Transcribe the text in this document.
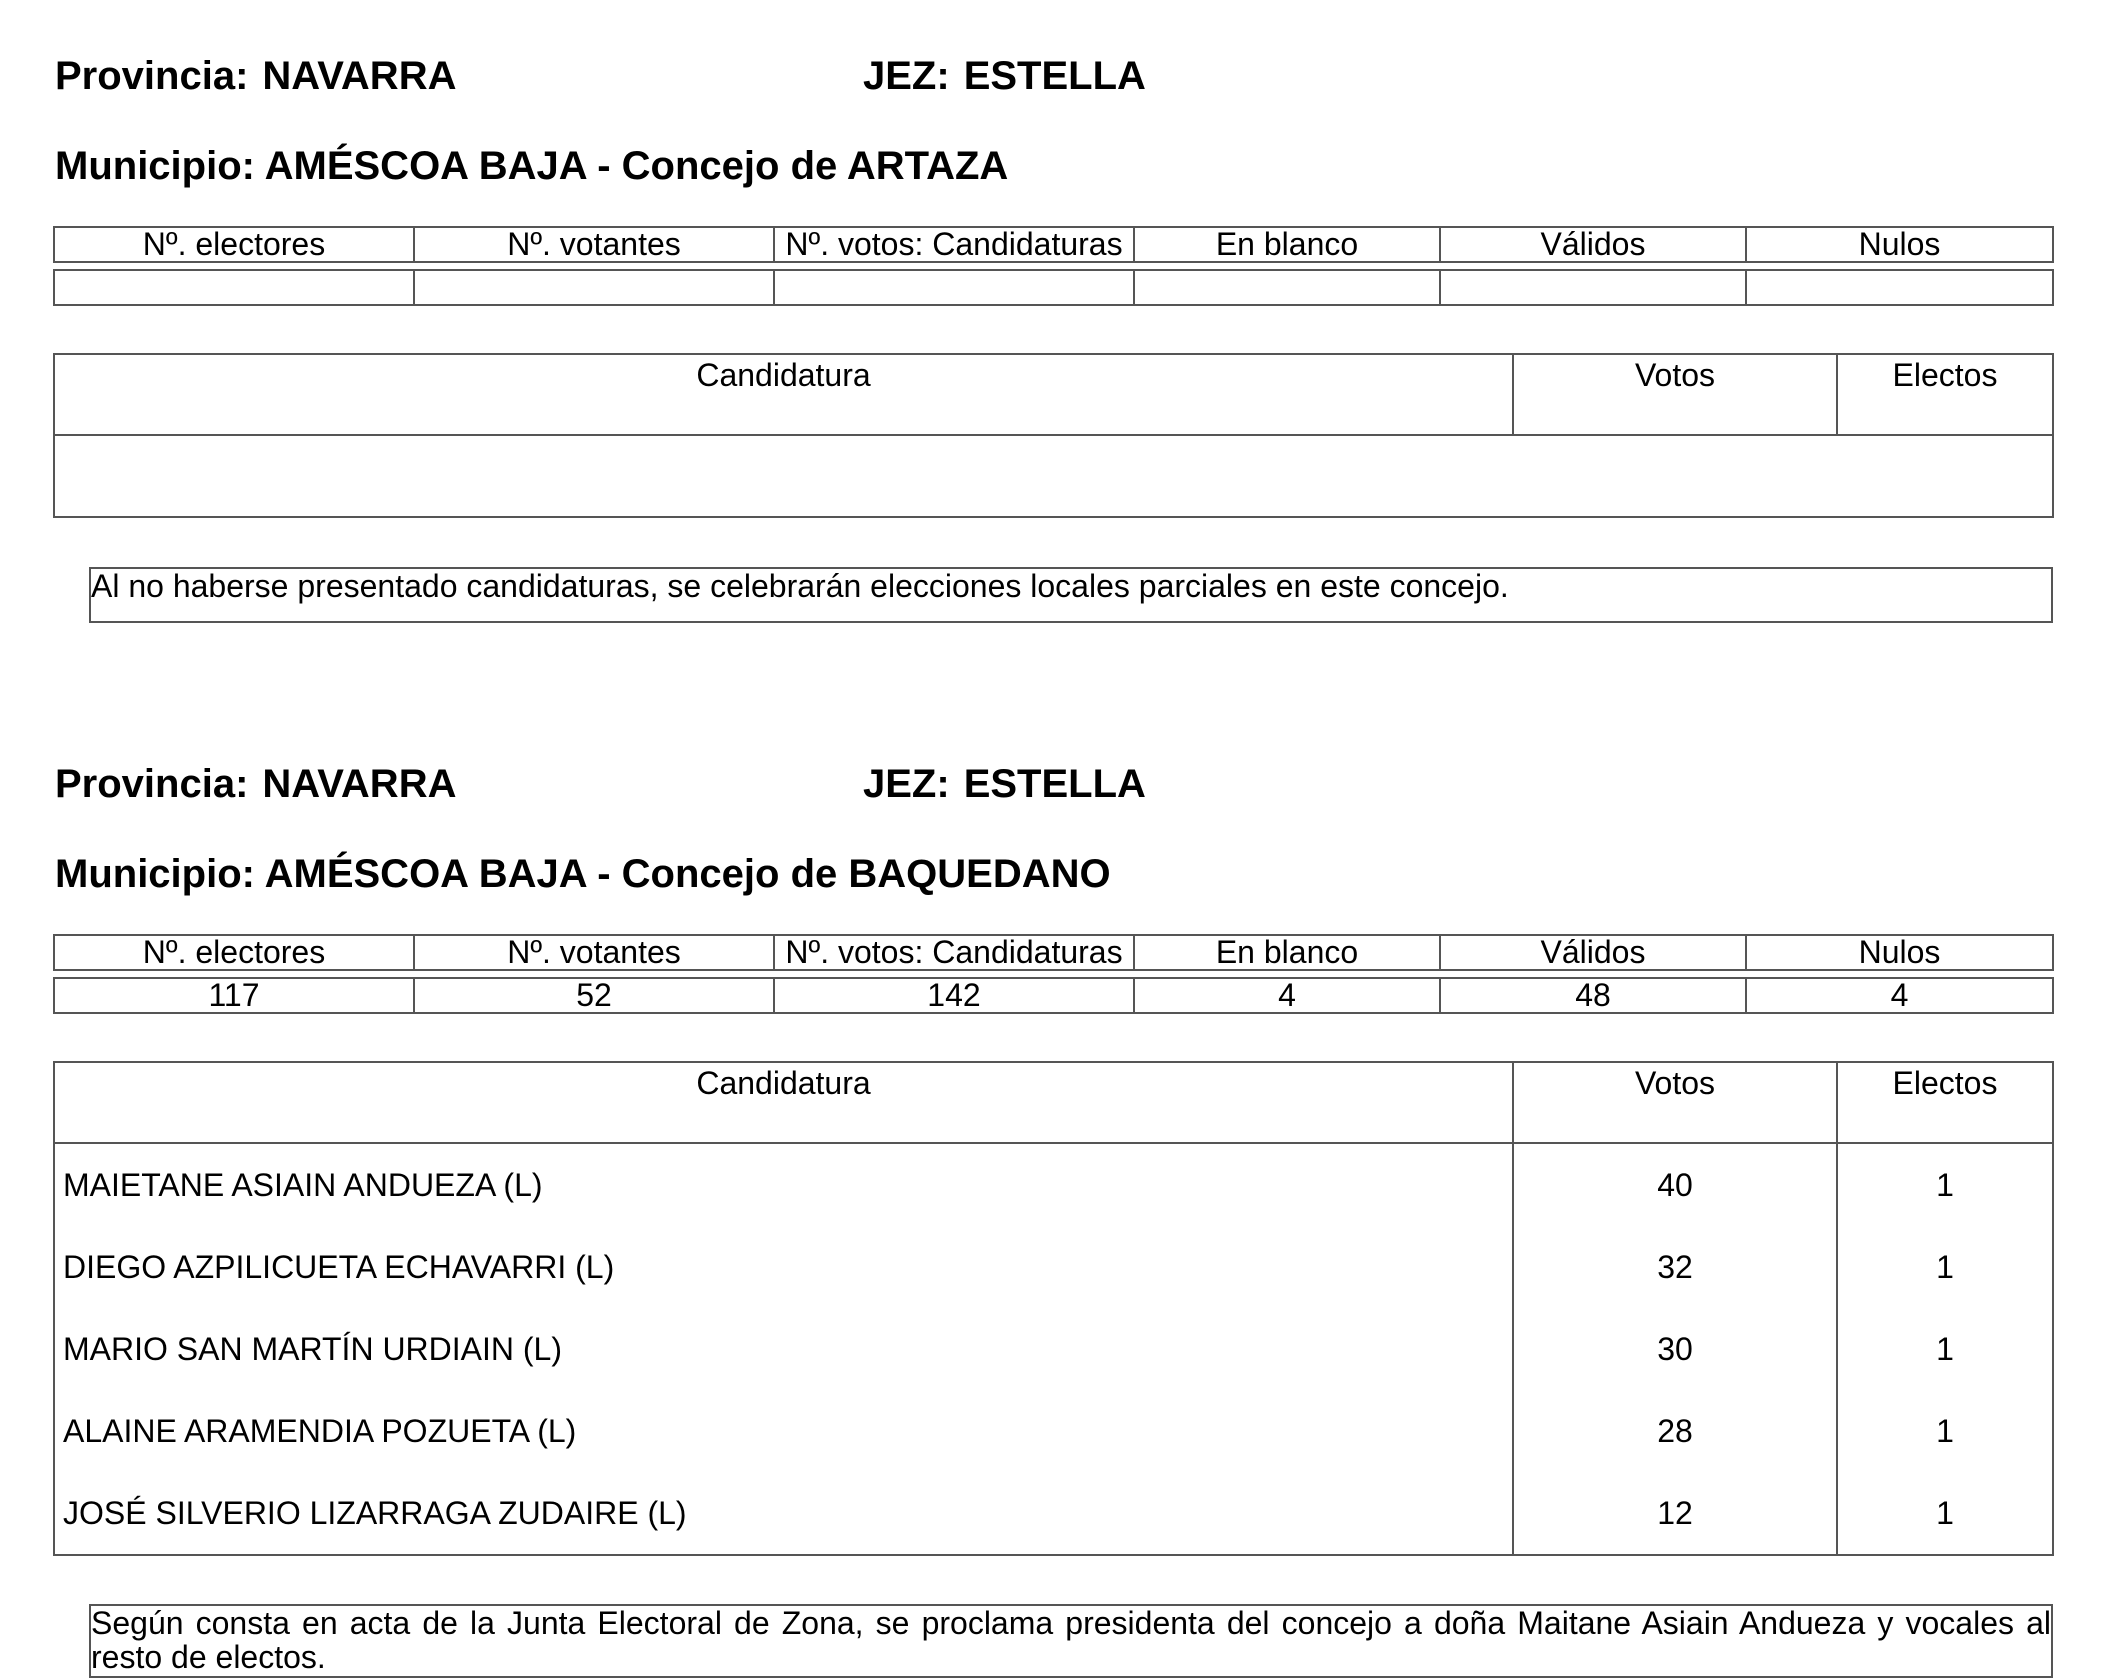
Provincia: NAVARRA	JEZ: ESTELLA
Municipio: AMÉSCOA BAJA - Concejo de ARTAZA
Nº. electores	Nº. votantes	Nº. votos: Candidaturas	En blanco	Válidos	Nulos

Candidatura	Votos	Electos

Al no haberse presentado candidaturas, se celebrarán elecciones locales parciales en este concejo.
Provincia: NAVARRA	JEZ: ESTELLA
Municipio: AMÉSCOA BAJA - Concejo de BAQUEDANO
Nº. electores	Nº. votantes	Nº. votos: Candidaturas	En blanco	Válidos	Nulos

117	52	142	4	48	4
Candidatura	Votos	Electos
MAIETANE ASIAIN ANDUEZA (L)	40	1
DIEGO AZPILICUETA ECHAVARRI (L)	32	1
MARIO SAN MARTÍN URDIAIN (L)	30	1
ALAINE ARAMENDIA POZUETA (L)	28	1
JOSÉ SILVERIO LIZARRAGA ZUDAIRE (L)	12	1
Según consta en acta de la Junta Electoral de Zona, se proclama presidenta del concejo a doña Maitane Asiain Andueza y vocales al resto de electos.
